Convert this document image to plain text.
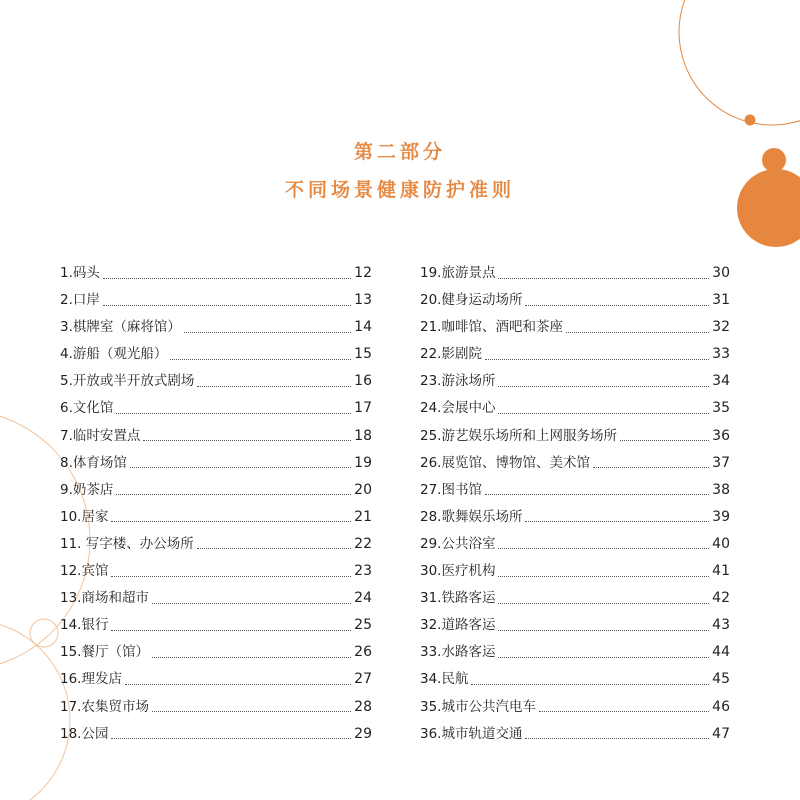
第二部分
不同场景健康防护准则
1.码头	12
2.口岸	13
3.棋牌室（麻将馆）	14
4.游船（观光船）	15
5.开放或半开放式剧场	16
6.文化馆	17
7.临时安置点	18
8.体育场馆	19
9.奶茶店	20
10.居家	21
11. 写字楼、办公场所	22
12.宾馆	23
13.商场和超市	24
14.银行	25
15.餐厅（馆）	26
16.理发店	27
17.农集贸市场	28
18.公园	29
19.旅游景点	30
20.健身运动场所	31
21.咖啡馆、酒吧和茶座	32
22.影剧院	33
23.游泳场所	34
24.会展中心	35
25.游艺娱乐场所和上网服务场所	36
26.展览馆、博物馆、美术馆	37
27.图书馆	38
28.歌舞娱乐场所	39
29.公共浴室	40
30.医疗机构	41
31.铁路客运	42
32.道路客运	43
33.水路客运	44
34.民航	45
35.城市公共汽电车	46
36.城市轨道交通	47
